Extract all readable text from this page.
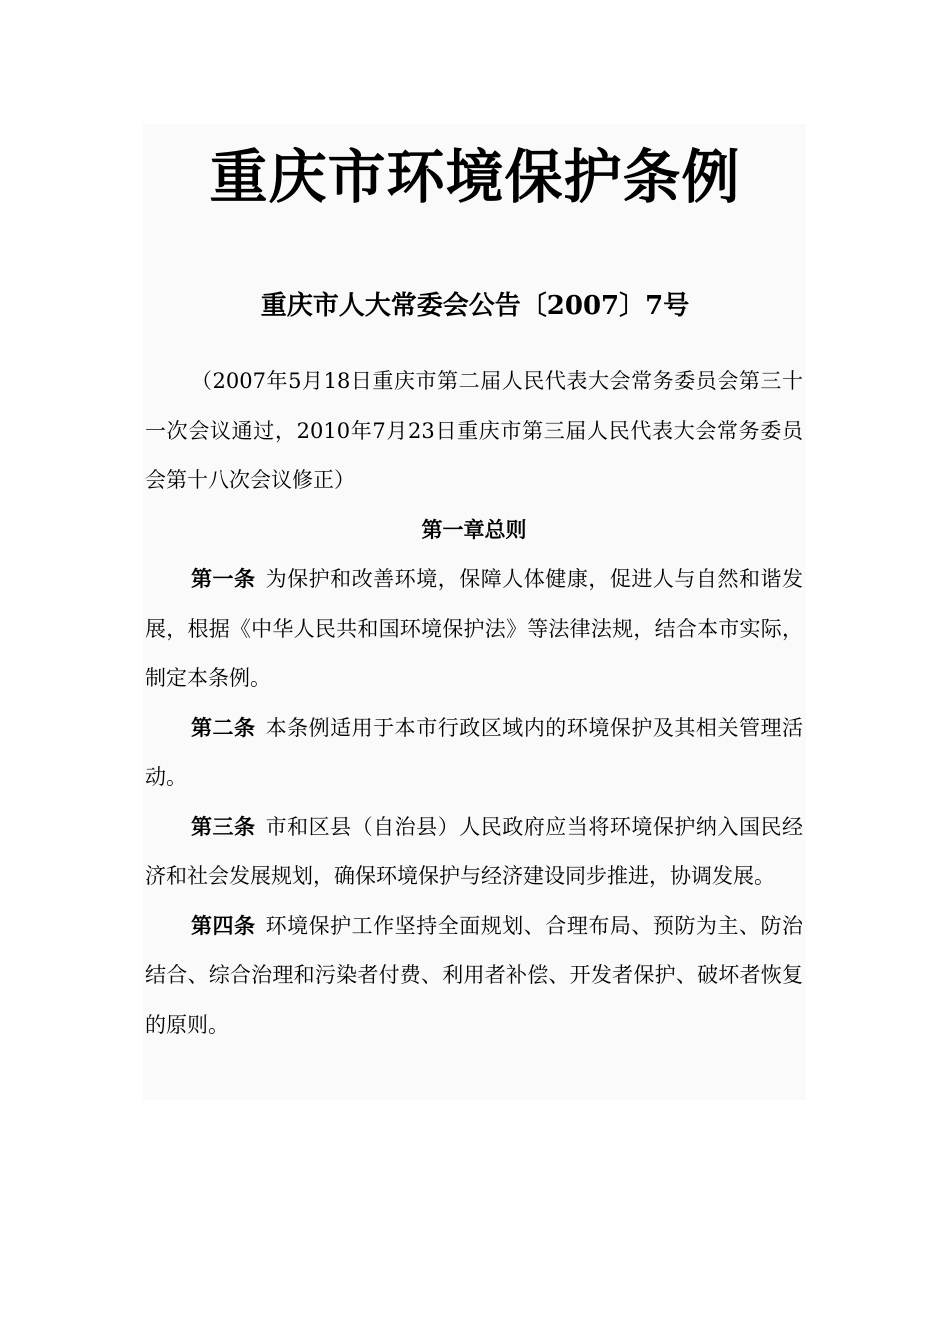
重庆市环境保护条例
重庆市人大常委会公告〔2007〕7号

（2007年5月18日重庆市第二届人民代表大会常务委员会第三十一次会议通过，2010年7月23日重庆市第三届人民代表大会常务委员会第十八次会议修正）

第一章总则

第一条 为保护和改善环境，保障人体健康，促进人与自然和谐发展，根据《中华人民共和国环境保护法》等法律法规，结合本市实际，制定本条例。

第二条 本条例适用于本市行政区域内的环境保护及其相关管理活动。

第三条 市和区县（自治县）人民政府应当将环境保护纳入国民经济和社会发展规划，确保环境保护与经济建设同步推进，协调发展。

第四条 环境保护工作坚持全面规划、合理布局、预防为主、防治结合、综合治理和污染者付费、利用者补偿、开发者保护、破坏者恢复的原则。
